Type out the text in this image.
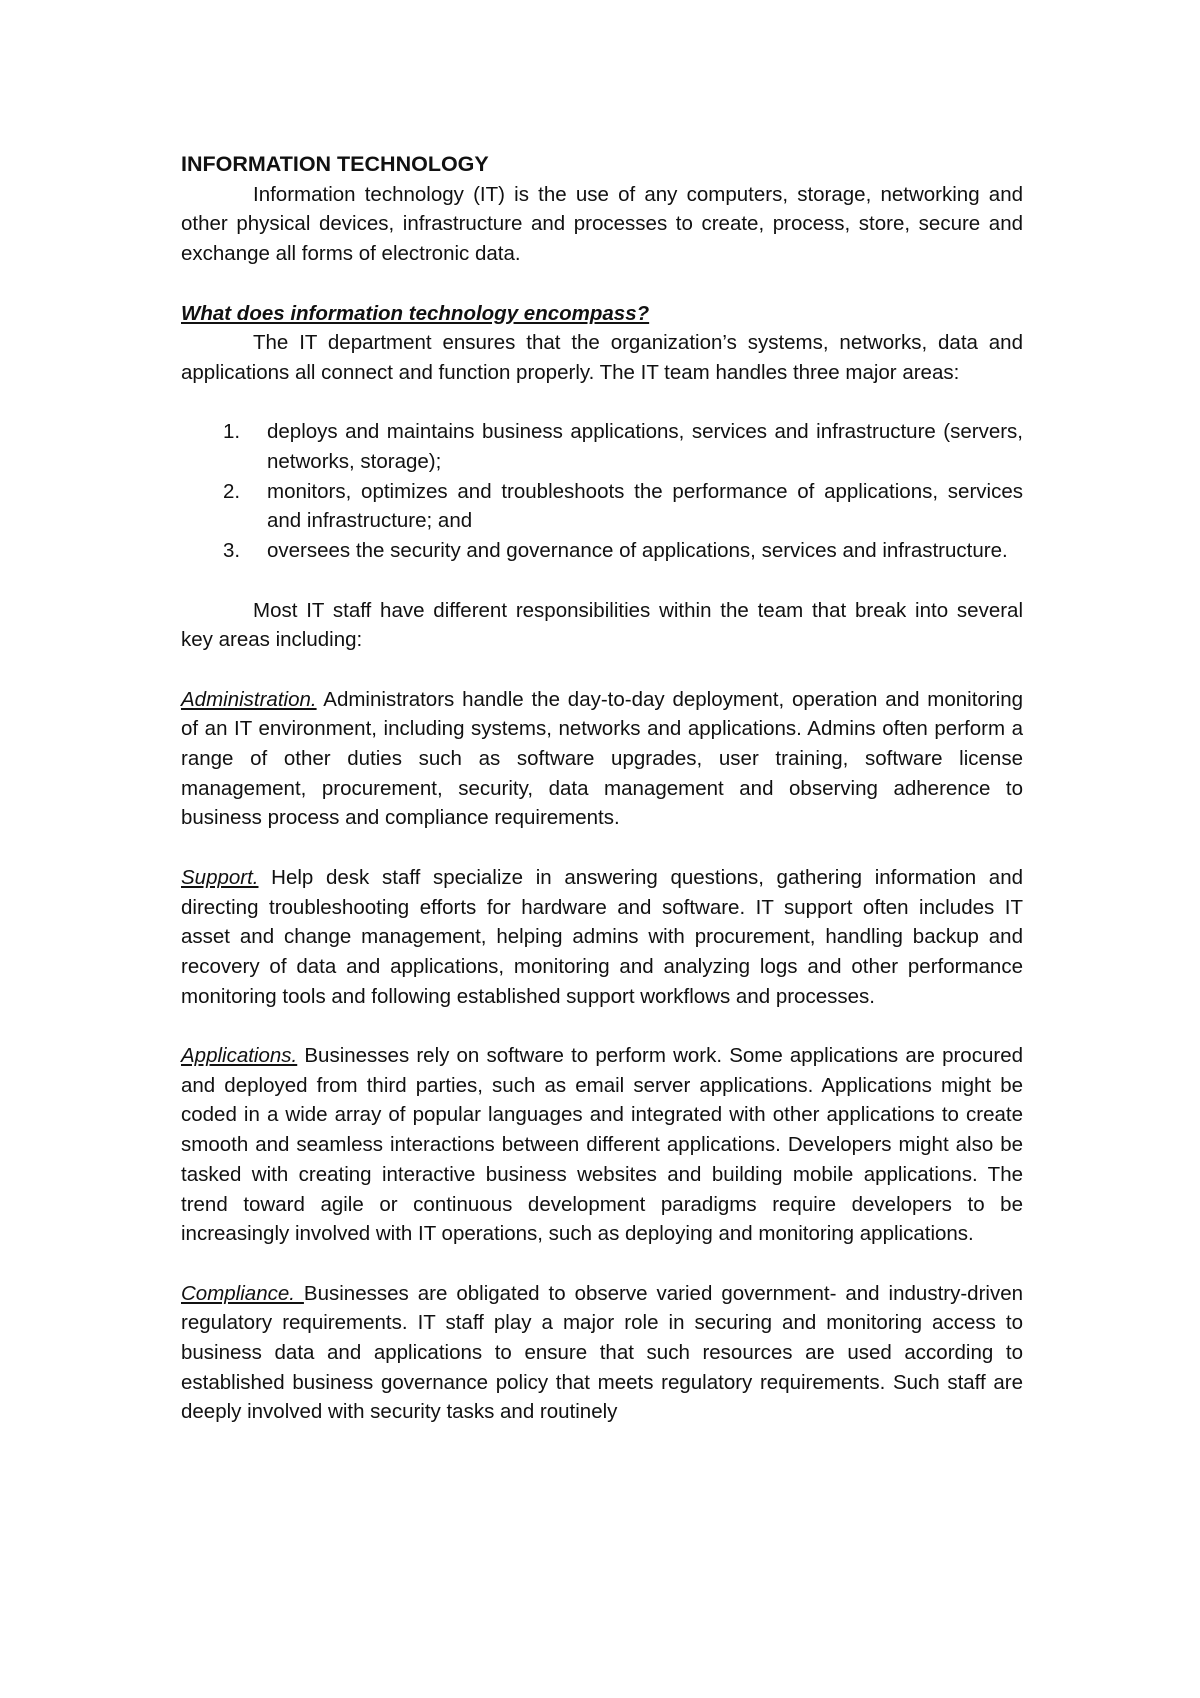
INFORMATION TECHNOLOGY

Information technology (IT) is the use of any computers, storage, networking and other physical devices, infrastructure and processes to create, process, store, secure and exchange all forms of electronic data.

What does information technology encompass?

The IT department ensures that the organization’s systems, networks, data and applications all connect and function properly. The IT team handles three major areas:

1. deploys and maintains business applications, services and infrastructure (servers, networks, storage);
2. monitors, optimizes and troubleshoots the performance of applications, services and infrastructure; and
3. oversees the security and governance of applications, services and infrastructure.

Most IT staff have different responsibilities within the team that break into several key areas including:

Administration. Administrators handle the day-to-day deployment, operation and monitoring of an IT environment, including systems, networks and applications. Admins often perform a range of other duties such as software upgrades, user training, software license management, procurement, security, data management and observing adherence to business process and compliance requirements.

Support. Help desk staff specialize in answering questions, gathering information and directing troubleshooting efforts for hardware and software. IT support often includes IT asset and change management, helping admins with procurement, handling backup and recovery of data and applications, monitoring and analyzing logs and other performance monitoring tools and following established support workflows and processes.

Applications. Businesses rely on software to perform work. Some applications are procured and deployed from third parties, such as email server applications. Applications might be coded in a wide array of popular languages and integrated with other applications to create smooth and seamless interactions between different applications. Developers might also be tasked with creating interactive business websites and building mobile applications. The trend toward agile or continuous development paradigms require developers to be increasingly involved with IT operations, such as deploying and monitoring applications.

Compliance. Businesses are obligated to observe varied government- and industry-driven regulatory requirements. IT staff play a major role in securing and monitoring access to business data and applications to ensure that such resources are used according to established business governance policy that meets regulatory requirements. Such staff are deeply involved with security tasks and routinely
